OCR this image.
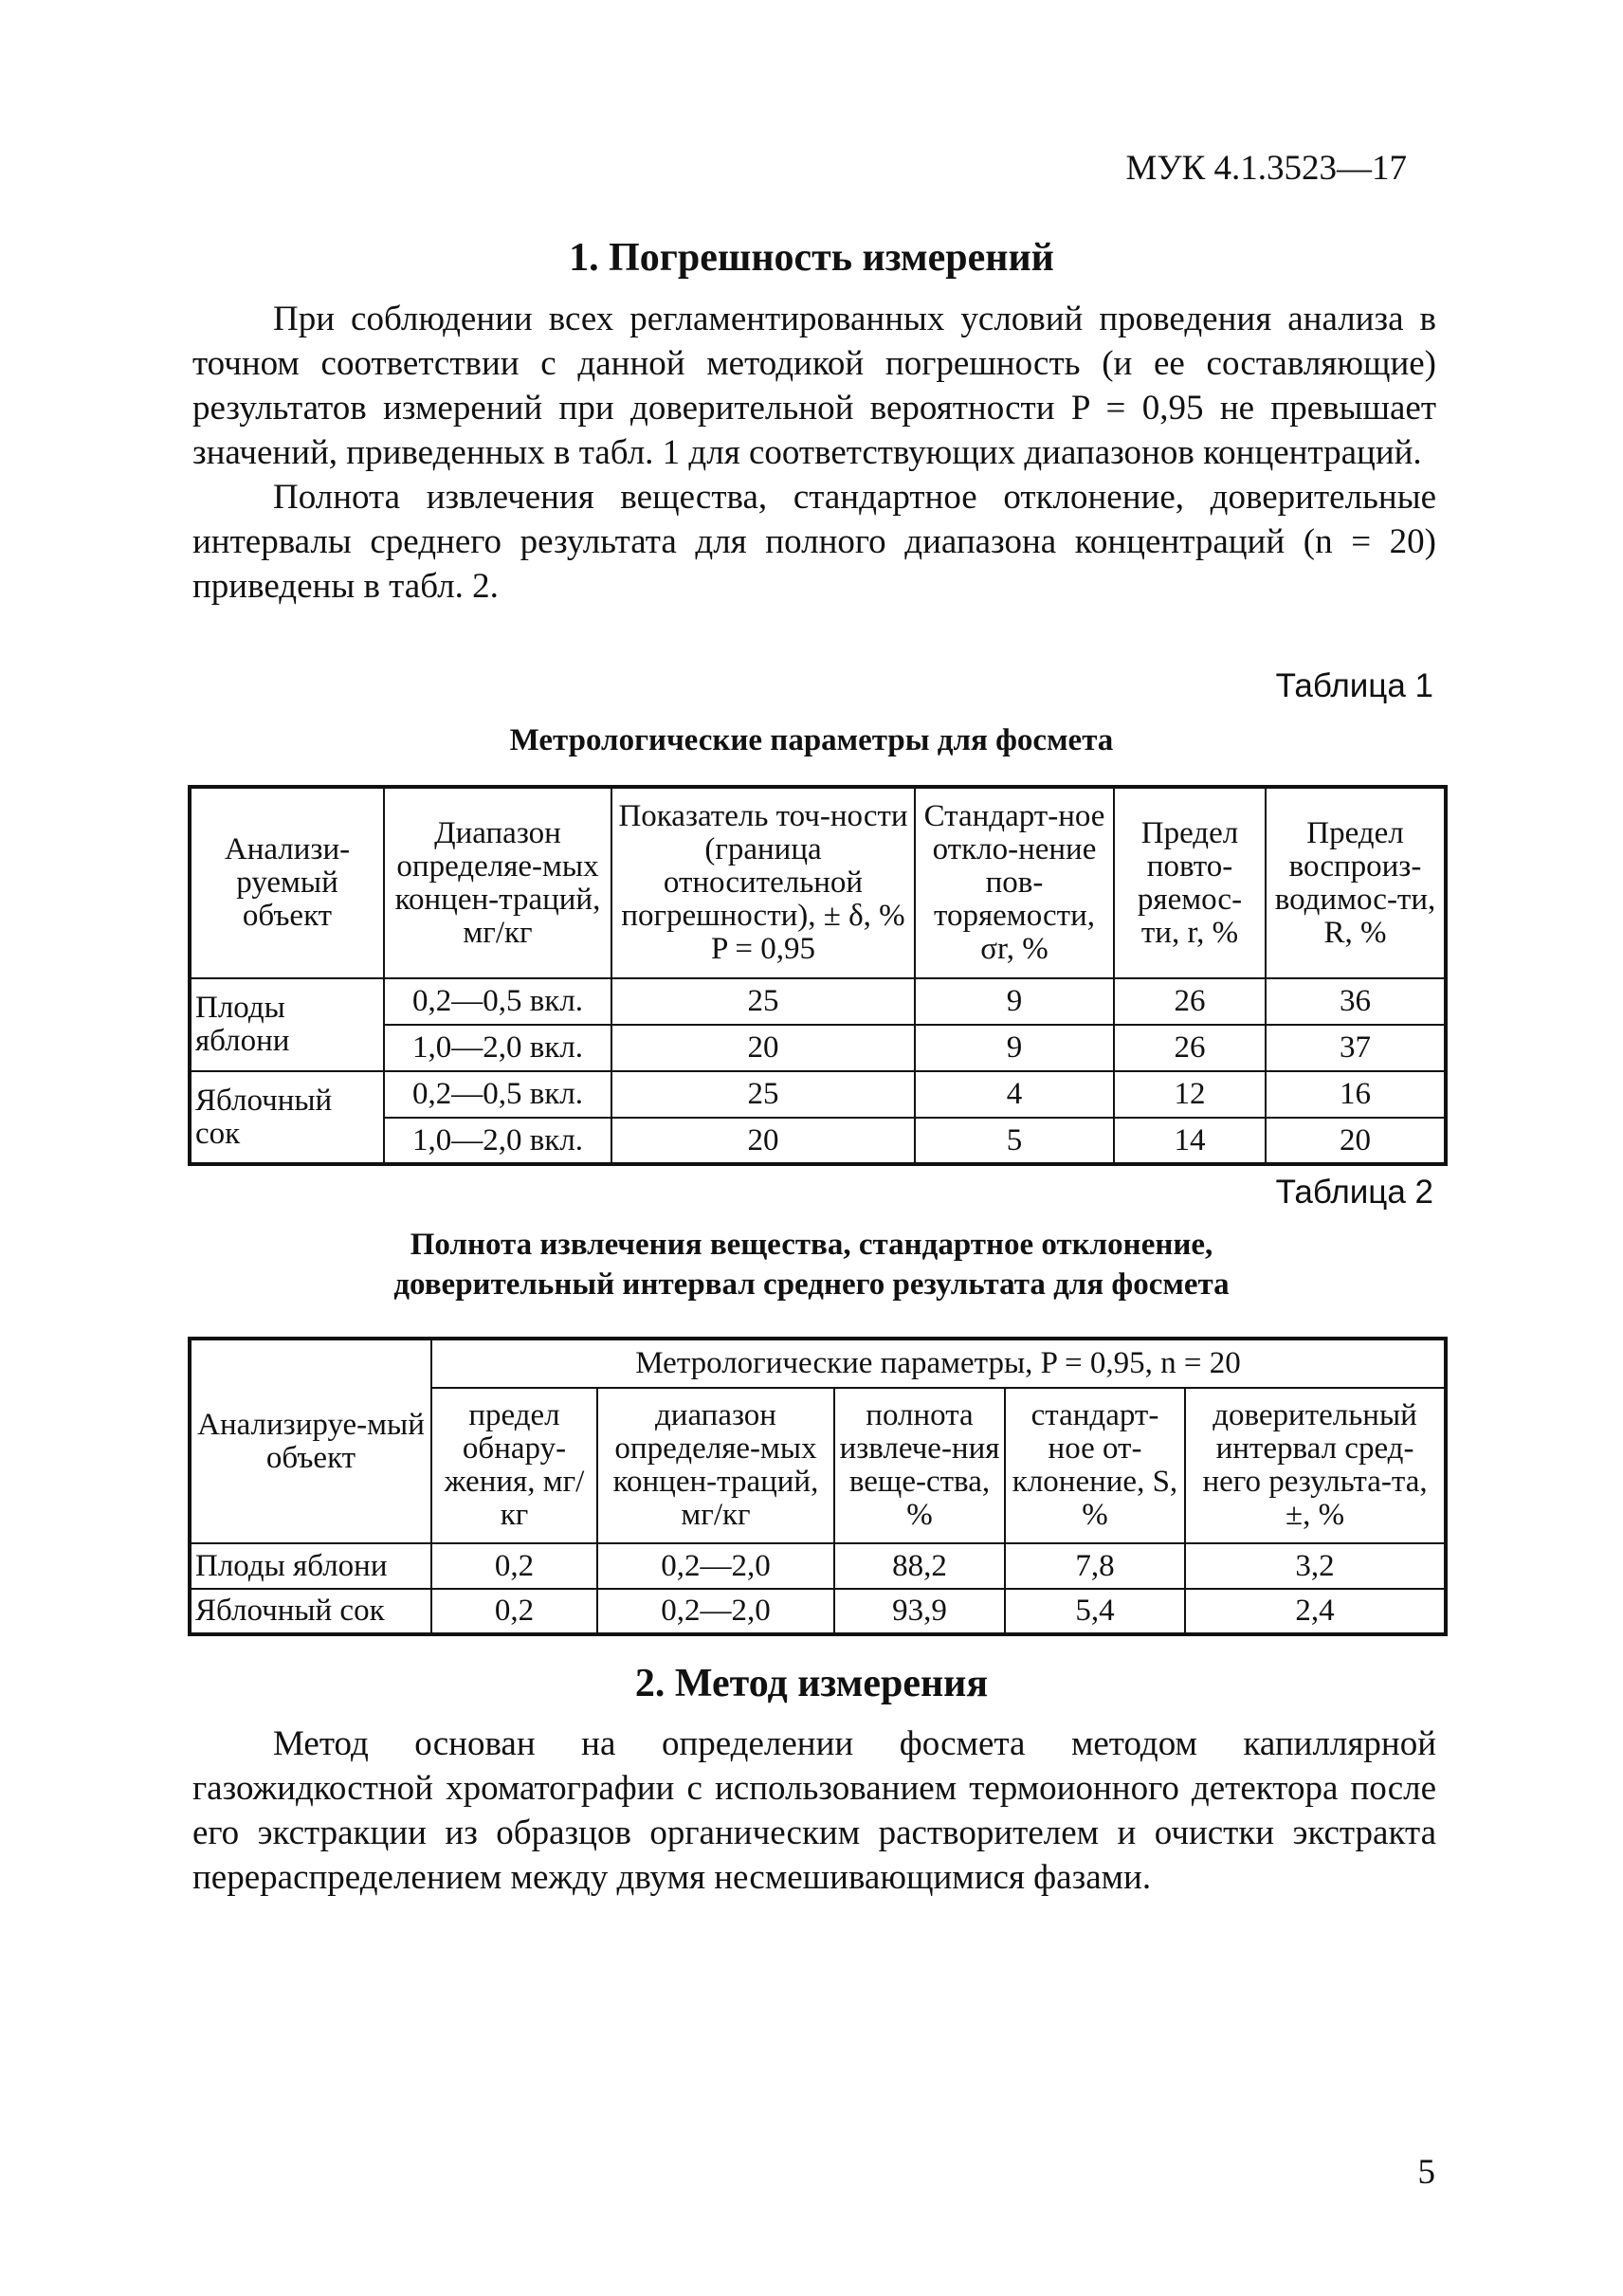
МУК 4.1.3523—17
1. Погрешность измерений

При соблюдении всех регламентированных условий проведения анализа в точном соответствии с данной методикой погрешность (и ее составляющие) результатов измерений при доверительной вероятности P = 0,95 не превышает значений, приведенных в табл. 1 для соответствующих диапазонов концентраций.

Полнота извлечения вещества, стандартное отклонение, доверительные интервалы среднего результата для полного диапазона концентраций (n = 20) приведены в табл. 2.

Таблица 1
Метрологические параметры для фосмета
Анализи-руемый объект	Диапазон определяе-мых концен-траций, мг/кг	Показатель точ-ности (граница относительной погрешности), ± δ, % P = 0,95	Стандарт-ное откло-нение пов-торяемости, σr, %	Предел повто-ряемос-ти, r, %	Предел воспроиз-водимос-ти, R, %
Плоды яблони	0,2—0,5 вкл.	25	9	26	36
	1,0—2,0 вкл.	20	9	26	37
Яблочный сок	0,2—0,5 вкл.	25	4	12	16
	1,0—2,0 вкл.	20	5	14	20
Таблица 2
Полнота извлечения вещества, стандартное отклонение,
доверительный интервал среднего результата для фосмета
Анализируе-мый объект	Метрологические параметры, P = 0,95, n = 20				
	предел обнару-жения, мг/кг	диапазон определяе-мых концен-траций, мг/кг	полнота извлече-ния веще-ства, %	стандарт-ное от-клонение, S, %	доверительный интервал сред-него результа-та, ±, %
Плоды яблони	0,2	0,2—2,0	88,2	7,8	3,2
Яблочный сок	0,2	0,2—2,0	93,9	5,4	2,4
2. Метод измерения

Метод основан на определении фосмета методом капиллярной газожидкостной хроматографии с использованием термоионного детектора после его экстракции из образцов органическим растворителем и очистки экстракта перераспределением между двумя несмешивающимися фазами.

5
